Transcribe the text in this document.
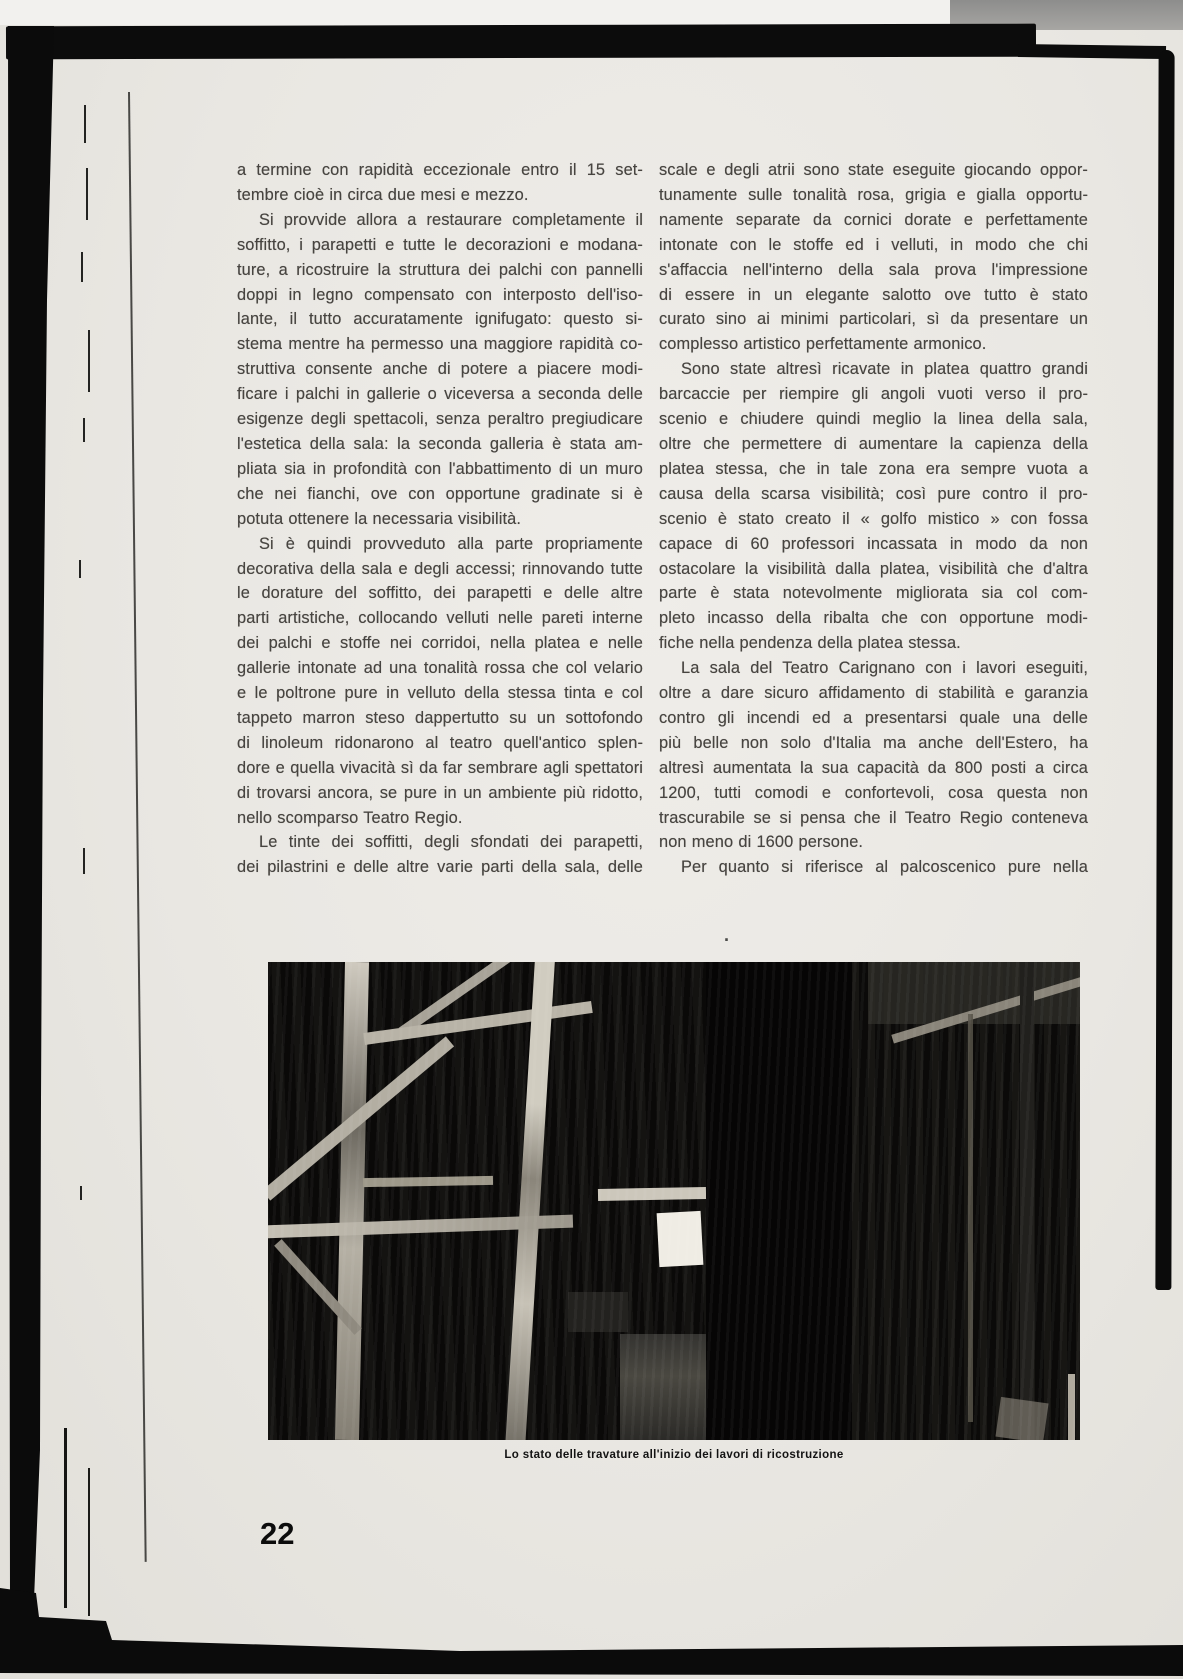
a termine con rapidità eccezionale entro il 15 set-
tembre cioè in circa due mesi e mezzo.
Si provvide allora a restaurare completamente il
soffitto, i parapetti e tutte le decorazioni e modana-
ture, a ricostruire la struttura dei palchi con pannelli
doppi in legno compensato con interposto dell'iso-
lante, il tutto accuratamente ignifugato: questo si-
stema mentre ha permesso una maggiore rapidità co-
struttiva consente anche di potere a piacere modi-
ficare i palchi in gallerie o viceversa a seconda delle
esigenze degli spettacoli, senza peraltro pregiudicare
l'estetica della sala: la seconda galleria è stata am-
pliata sia in profondità con l'abbattimento di un muro
che nei fianchi, ove con opportune gradinate si è
potuta ottenere la necessaria visibilità.
Si è quindi provveduto alla parte propriamente
decorativa della sala e degli accessi; rinnovando tutte
le dorature del soffitto, dei parapetti e delle altre
parti artistiche, collocando velluti nelle pareti interne
dei palchi e stoffe nei corridoi, nella platea e nelle
gallerie intonate ad una tonalità rossa che col velario
e le poltrone pure in velluto della stessa tinta e col
tappeto marron steso dappertutto su un sottofondo
di linoleum ridonarono al teatro quell'antico splen-
dore e quella vivacità sì da far sembrare agli spettatori
di trovarsi ancora, se pure in un ambiente più ridotto,
nello scomparso Teatro Regio.
Le tinte dei soffitti, degli sfondati dei parapetti,
dei pilastrini e delle altre varie parti della sala, delle
scale e degli atrii sono state eseguite giocando oppor-
tunamente sulle tonalità rosa, grigia e gialla opportu-
namente separate da cornici dorate e perfettamente
intonate con le stoffe ed i velluti, in modo che chi
s'affaccia nell'interno della sala prova l'impressione
di essere in un elegante salotto ove tutto è stato
curato sino ai minimi particolari, sì da presentare un
complesso artistico perfettamente armonico.
Sono state altresì ricavate in platea quattro grandi
barcaccie per riempire gli angoli vuoti verso il pro-
scenio e chiudere quindi meglio la linea della sala,
oltre che permettere di aumentare la capienza della
platea stessa, che in tale zona era sempre vuota a
causa della scarsa visibilità; così pure contro il pro-
scenio è stato creato il « golfo mistico » con fossa
capace di 60 professori incassata in modo da non
ostacolare la visibilità dalla platea, visibilità che d'altra
parte è stata notevolmente migliorata sia col com-
pleto incasso della ribalta che con opportune modi-
fiche nella pendenza della platea stessa.
La sala del Teatro Carignano con i lavori eseguiti,
oltre a dare sicuro affidamento di stabilità e garanzia
contro gli incendi ed a presentarsi quale una delle
più belle non solo d'Italia ma anche dell'Estero, ha
altresì aumentata la sua capacità da 800 posti a circa
1200, tutti comodi e confortevoli, cosa questa non
trascurabile se si pensa che il Teatro Regio conteneva
non meno di 1600 persone.
Per quanto si riferisce al palcoscenico pure nella
.
Lo stato delle travature all'inizio dei lavori di ricostruzione
22
